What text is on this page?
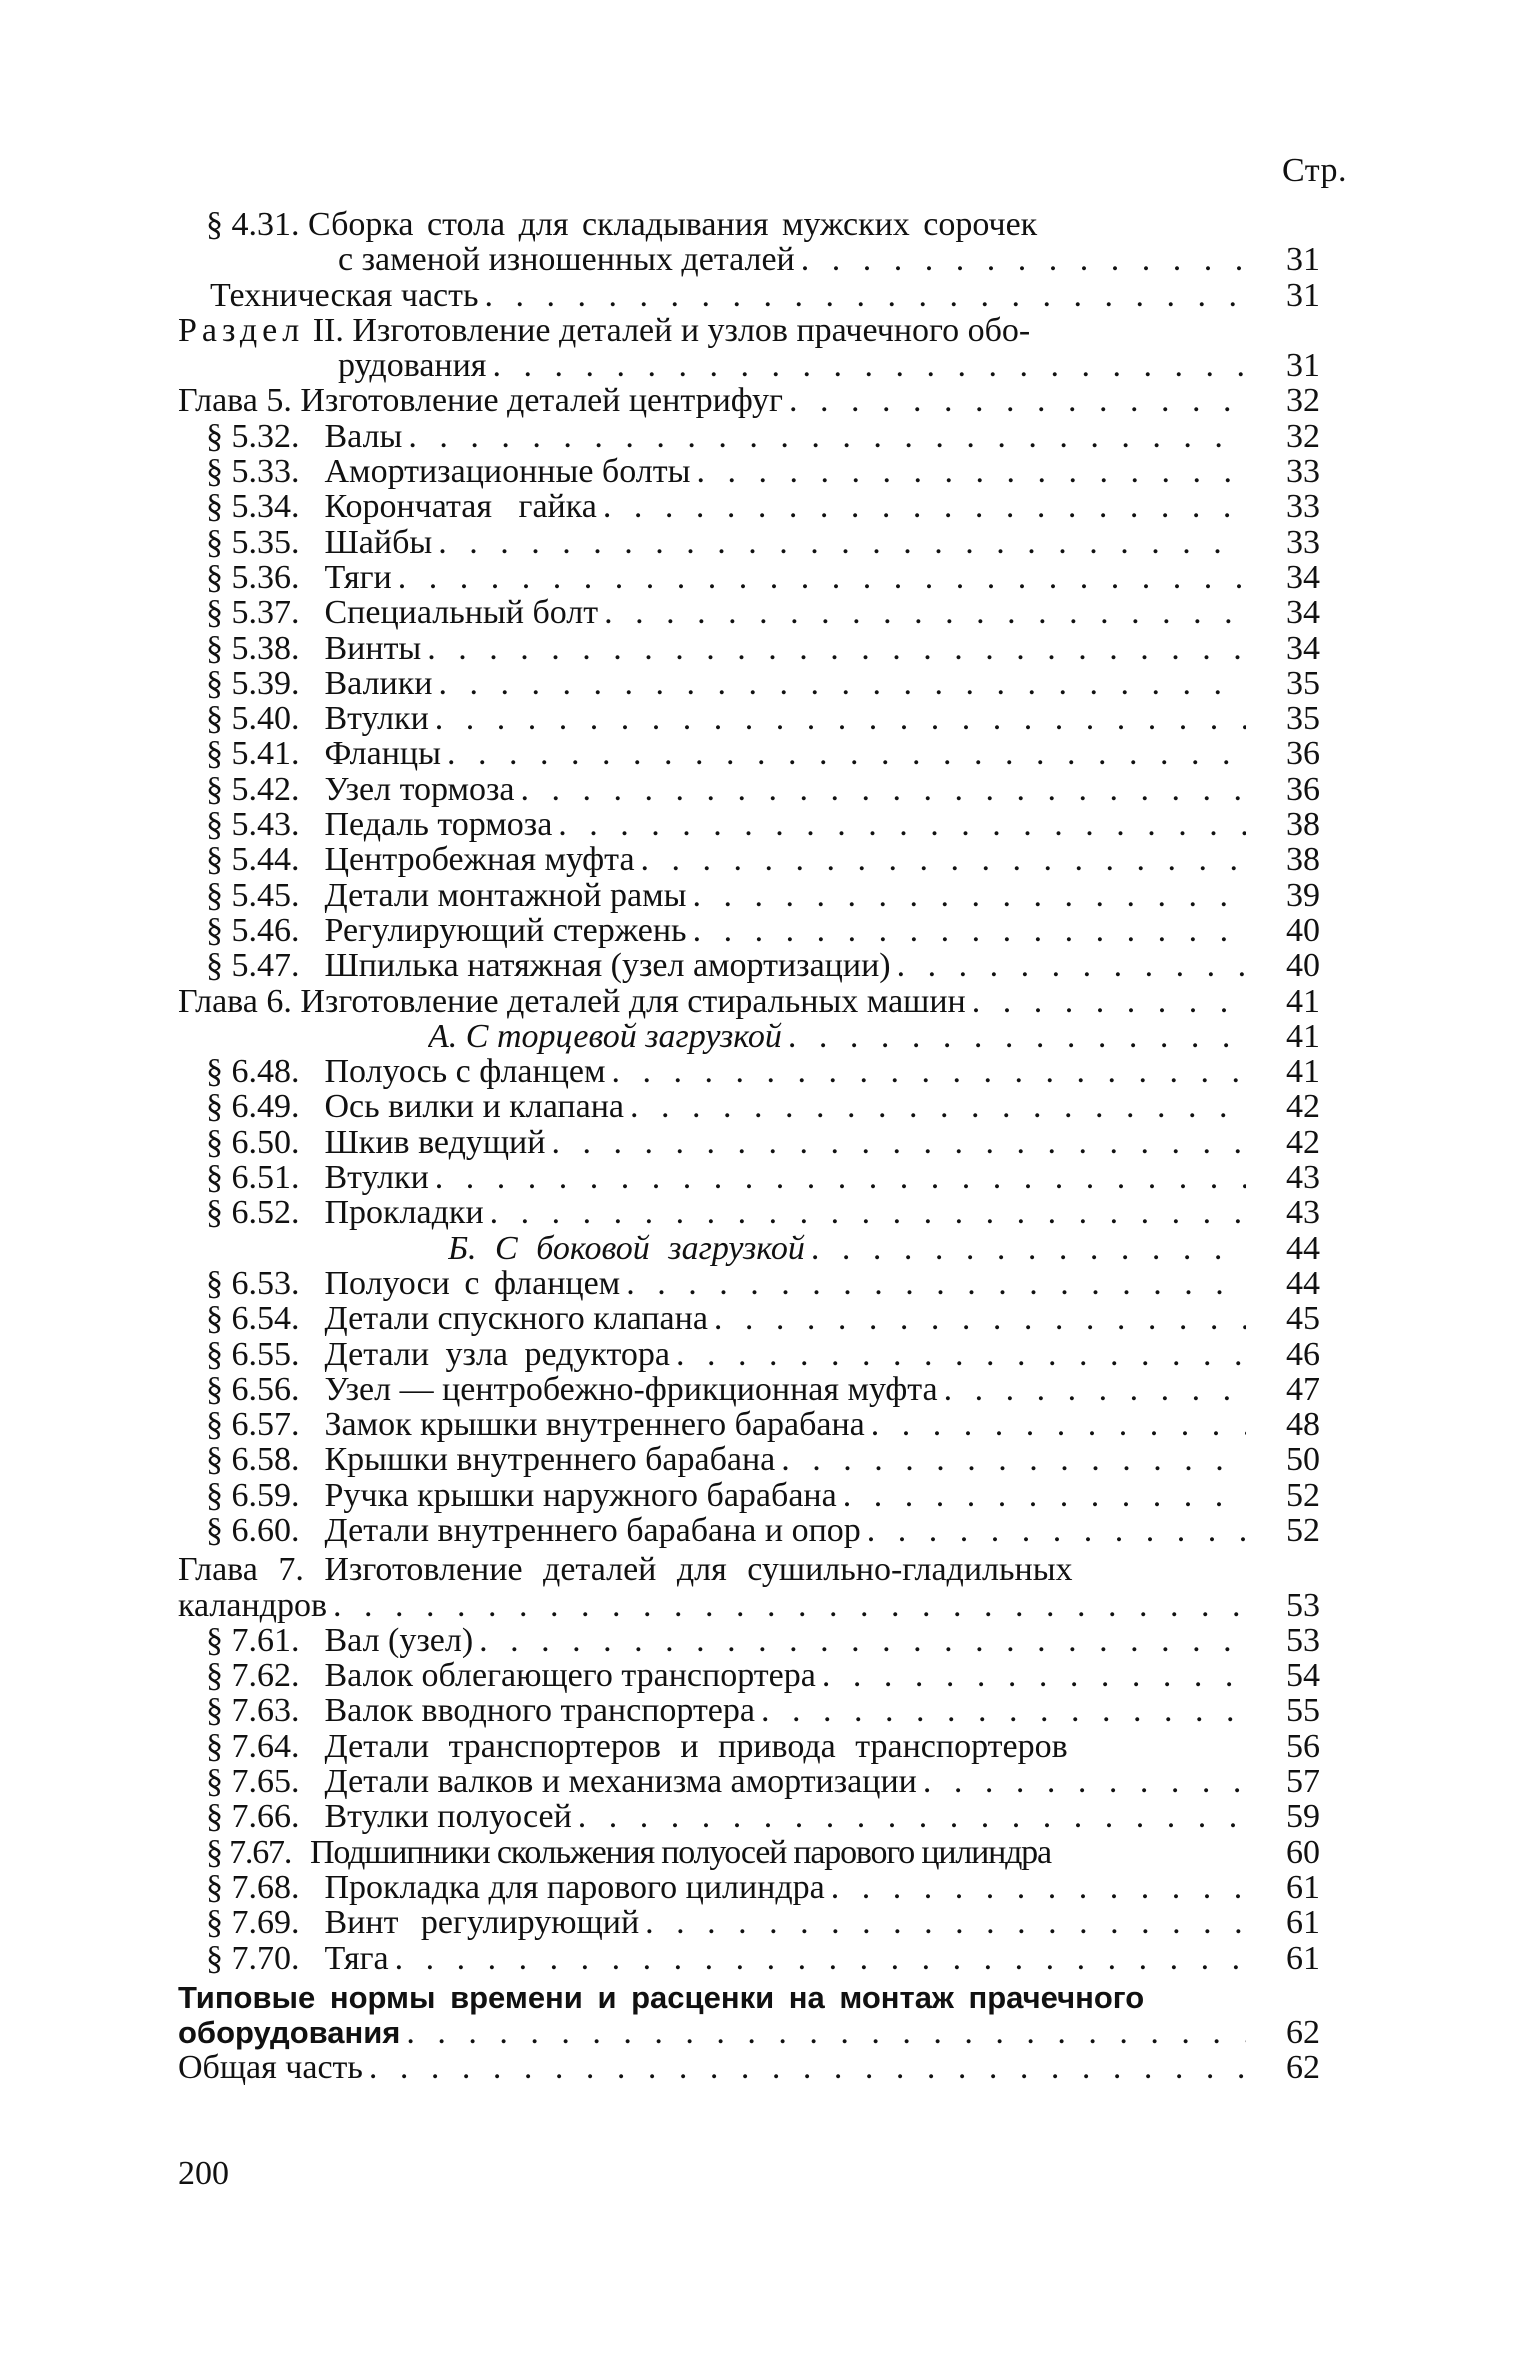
Стр.
§ 4.31. Сборка стола для складывания мужских сорочек
с заменой изношенных деталей . . .	31
Техническая часть . . .	31
Раздел II. Изготовление деталей и узлов прачечного обо-
рудования . . .	31
Глава 5. Изготовление деталей центрифуг . . .	32
§ 5.32. Валы . . .	32
§ 5.33. Амортизационные болты . . .	33
§ 5.34. Корончатая гайка . . .	33
§ 5.35. Шайбы . . .	33
§ 5.36. Тяги . . .	34
§ 5.37. Специальный болт . . .	34
§ 5.38. Винты . . .	34
§ 5.39. Валики . . .	35
§ 5.40. Втулки . . .	35
§ 5.41. Фланцы . . .	36
§ 5.42. Узел тормоза . . .	36
§ 5.43. Педаль тормоза . . .	38
§ 5.44. Центробежная муфта . . .	38
§ 5.45. Детали монтажной рамы . . .	39
§ 5.46. Регулирующий стержень . . .	40
§ 5.47. Шпилька натяжная (узел амортизации) . . .	40
Глава 6. Изготовление деталей для стиральных машин . . .	41
А. С торцевой загрузкой . . .	41
§ 6.48. Полуось с фланцем . . .	41
§ 6.49. Ось вилки и клапана . . .	42
§ 6.50. Шкив ведущий . . .	42
§ 6.51. Втулки . . .	43
§ 6.52. Прокладки . . .	43
Б. С боковой загрузкой . . .	44
§ 6.53. Полуоси с фланцем . . .	44
§ 6.54. Детали спускного клапана . . .	45
§ 6.55. Детали узла редуктора . . .	46
§ 6.56. Узел — центробежно-фрикционная муфта . . .	47
§ 6.57. Замок крышки внутреннего барабана . . .	48
§ 6.58. Крышки внутреннего барабана . . .	50
§ 6.59. Ручка крышки наружного барабана . . .	52
§ 6.60. Детали внутреннего барабана и опор . . .	52
Глава 7. Изготовление деталей для сушильно-гладильных
каландров . . .	53
§ 7.61. Вал (узел) . . .	53
§ 7.62. Валок облегающего транспортера . . .	54
§ 7.63. Валок вводного транспортера . . .	55
§ 7.64. Детали транспортеров и привода транспортеров	56
§ 7.65. Детали валков и механизма амортизации . . .	57
§ 7.66. Втулки полуосей . . .	59
§ 7.67. Подшипники скольжения полуосей парового цилиндра	60
§ 7.68. Прокладка для парового цилиндра . . .	61
§ 7.69. Винт регулирующий . . .	61
§ 7.70. Тяга . . .	61
Типовые нормы времени и расценки на монтаж прачечного
оборудования . . .	62
Общая часть . . .	62
200
